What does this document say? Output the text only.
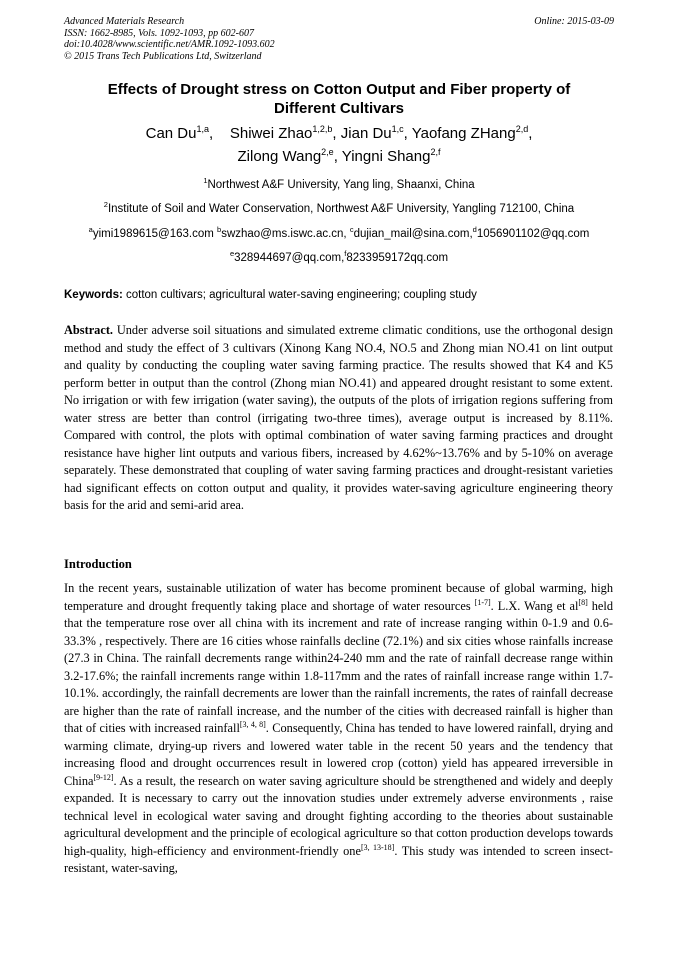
Advanced Materials Research
ISSN: 1662-8985, Vols. 1092-1093, pp 602-607
doi:10.4028/www.scientific.net/AMR.1092-1093.602
© 2015 Trans Tech Publications Ltd, Switzerland
Online: 2015-03-09
Effects of Drought stress on Cotton Output and Fiber property of
Different Cultivars
Can Du$^{1,a}$,    Shiwei Zhao$^{1,2,b}$, Jian Du$^{1,c}$, Yaofang ZHang$^{2,d}$,
Zilong Wang$^{2,e}$, Yingni Shang$^{2,f}$
$^1$Northwest A&F University, Yang ling, Shaanxi, China
$^2$Institute of Soil and Water Conservation, Northwest A&F University, Yangling 712100, China
$^a$yimi1989615@163.com $^b$swzhao@ms.iswc.ac.cn, $^c$dujian_mail@sina.com,$^d$1056901102@qq.com
$^e$328944697@qq.com,$^f$8233959172qq.com
Keywords: cotton cultivars; agricultural water-saving engineering; coupling study
Abstract. Under adverse soil situations and simulated extreme climatic conditions, use the orthogonal design method and study the effect of 3 cultivars (Xinong Kang NO.4, NO.5 and Zhong mian NO.41 on lint output and quality by conducting the coupling water saving farming practice. The results showed that K4 and K5 perform better in output than the control (Zhong mian NO.41) and appeared drought resistant to some extent. No irrigation or with few irrigation (water saving), the outputs of the plots of irrigation regions suffering from water stress are better than control (irrigating two-three times), average output is increased by 8.11%. Compared with control, the plots with optimal combination of water saving farming practices and drought resistance have higher lint outputs and various fibers, increased by 4.62%~13.76% and by 5-10% on average separately. These demonstrated that coupling of water saving farming practices and drought-resistant varieties had significant effects on cotton output and quality, it provides water-saving agriculture engineering theory basis for the arid and semi-arid area.
Introduction
In the recent years, sustainable utilization of water has become prominent because of global warming, high temperature and drought frequently taking place and shortage of water resources [1-7]. L.X. Wang et al[8] held that the temperature rose over all china with its increment and rate of increase ranging within 0-1.9 and 0.6-33.3% , respectively. There are 16 cities whose rainfalls decline (72.1%) and six cities whose rainfalls increase (27.3 in China. The rainfall decrements range within24-240 mm and the rate of rainfall decrease range within 3.2-17.6%; the rainfall increments range within 1.8-117mm and the rates of rainfall increase range within 1.7-10.1%. accordingly, the rainfall decrements are lower than the rainfall increments, the rates of rainfall decrease are higher than the rate of rainfall increase, and the number of the cities with decreased rainfall is higher than that of cities with increased rainfall[3, 4, 8]. Consequently, China has tended to have lowered rainfall, drying and warming climate, drying-up rivers and lowered water table in the recent 50 years and the tendency that increasing flood and drought occurrences result in lowered crop (cotton) yield has appeared irreversible in China[9-12]. As a result, the research on water saving agriculture should be strengthened and widely and deeply expanded. It is necessary to carry out the innovation studies under extremely adverse environments , raise technical level in ecological water saving and drought fighting according to the theories about sustainable agricultural development and the principle of ecological agriculture so that cotton production develops towards high-quality, high-efficiency and environment-friendly one[3, 13-18]. This study was intended to screen insect-resistant, water-saving,
